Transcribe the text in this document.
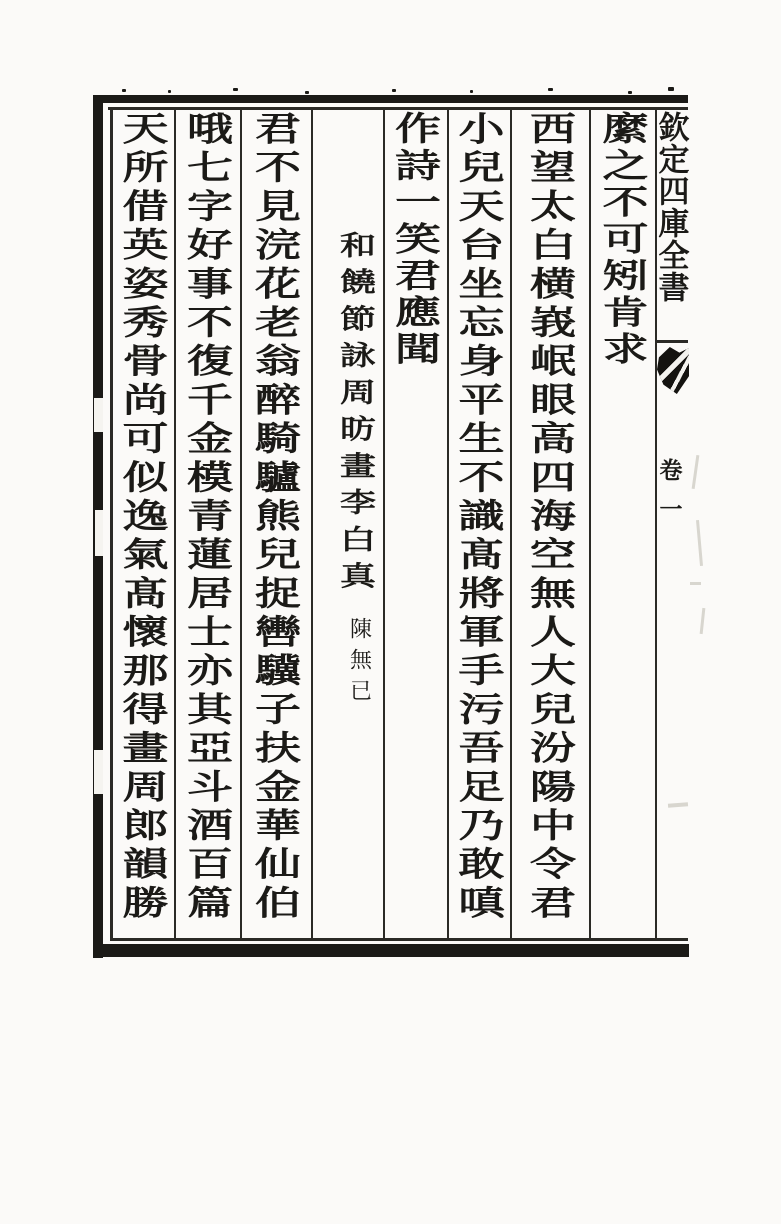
欽定四庫全書
卷一
縻之不可矧肯求
西望太白横峩岷眼高四海空無人大兒汾陽中令君
小兒天台坐忘身平生不識髙將軍手污吾足乃敢嗔
作詩一笑君應聞
和饒節詠周昉畫李白真
陳無已
君不見浣花老翁醉騎驢熊兒捉轡驥子扶金華仙伯
哦七字好事不復千金模青蓮居士亦其亞斗酒百篇
天所借英姿秀骨尚可似逸氣髙懷那得畫周郎韻勝
